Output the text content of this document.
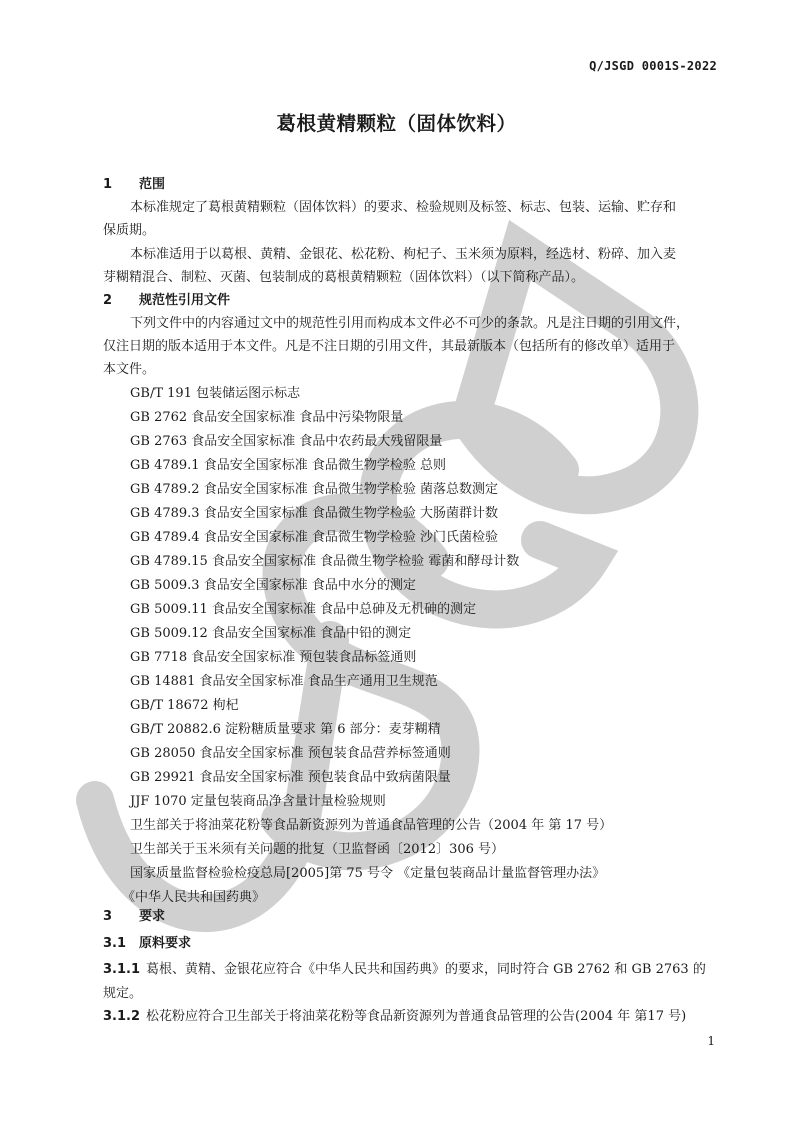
Q/JSGD 0001S-2022
葛根黄精颗粒（固体饮料）
1 范围
本标准规定了葛根黄精颗粒（固体饮料）的要求、检验规则及标签、标志、包装、运输、贮存和
保质期。
本标准适用于以葛根、黄精、金银花、松花粉、枸杞子、玉米须为原料，经选材、粉碎、加入麦
芽糊精混合、制粒、灭菌、包装制成的葛根黄精颗粒（固体饮料）（以下简称产品）。
2 规范性引用文件
下列文件中的内容通过文中的规范性引用而构成本文件必不可少的条款。凡是注日期的引用文件，
仅注日期的版本适用于本文件。凡是不注日期的引用文件，其最新版本（包括所有的修改单）适用于
本文件。
GB/T 191 包装储运图示标志
GB 2762 食品安全国家标准 食品中污染物限量
GB 2763 食品安全国家标准 食品中农药最大残留限量
GB 4789.1 食品安全国家标准 食品微生物学检验 总则
GB 4789.2 食品安全国家标准 食品微生物学检验 菌落总数测定
GB 4789.3 食品安全国家标准 食品微生物学检验 大肠菌群计数
GB 4789.4 食品安全国家标准 食品微生物学检验 沙门氏菌检验
GB 4789.15 食品安全国家标准 食品微生物学检验 霉菌和酵母计数
GB 5009.3 食品安全国家标准 食品中水分的测定
GB 5009.11 食品安全国家标准 食品中总砷及无机砷的测定
GB 5009.12 食品安全国家标准 食品中铅的测定
GB 7718 食品安全国家标准 预包装食品标签通则
GB 14881 食品安全国家标准 食品生产通用卫生规范
GB/T 18672 枸杞
GB/T 20882.6 淀粉糖质量要求 第 6 部分：麦芽糊精
GB 28050 食品安全国家标准 预包装食品营养标签通则
GB 29921 食品安全国家标准 预包装食品中致病菌限量
JJF 1070 定量包装商品净含量计量检验规则
卫生部关于将油菜花粉等食品新资源列为普通食品管理的公告（2004 年 第 17 号）
卫生部关于玉米须有关问题的批复（卫监督函〔2012〕306 号）
国家质量监督检验检疫总局[2005]第 75 号令 《定量包装商品计量监督管理办法》
《中华人民共和国药典》
3 要求
3.1 原料要求
3.1.1 葛根、黄精、金银花应符合《中华人民共和国药典》的要求，同时符合 GB 2762 和 GB 2763 的
规定。
3.1.2 松花粉应符合卫生部关于将油菜花粉等食品新资源列为普通食品管理的公告(2004 年 第17 号)
1
